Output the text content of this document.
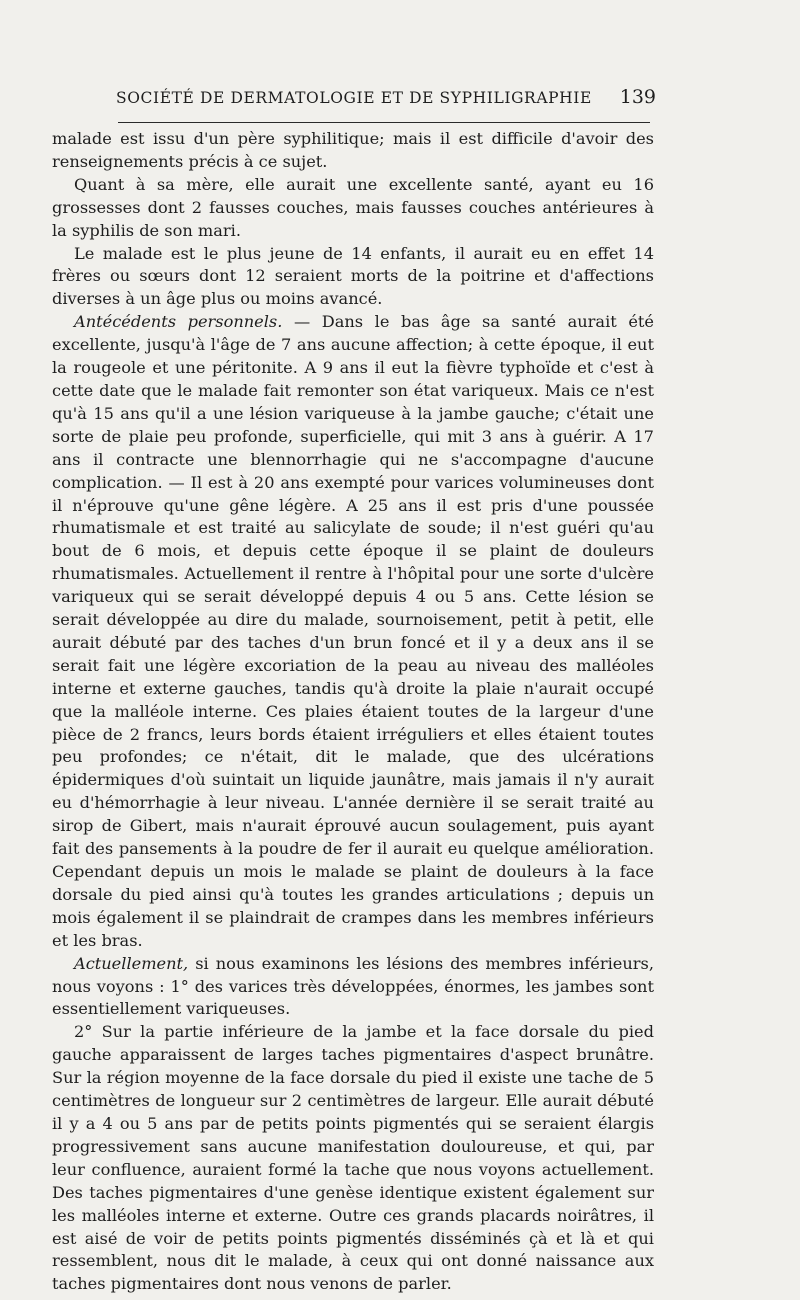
SOCIÉTÉ DE DERMATOLOGIE ET DE SYPHILIGRAPHIE 139

malade est issu d'un père syphilitique; mais il est difficile d'avoir des renseignements précis à ce sujet.

Quant à sa mère, elle aurait une excellente santé, ayant eu 16 grossesses dont 2 fausses couches, mais fausses couches antérieures à la syphilis de son mari.

Le malade est le plus jeune de 14 enfants, il aurait eu en effet 14 frères ou sœurs dont 12 seraient morts de la poitrine et d'affections diverses à un âge plus ou moins avancé.

Antécédents personnels. — Dans le bas âge sa santé aurait été excellente, jusqu'à l'âge de 7 ans aucune affection; à cette époque, il eut la rougeole et une péritonite. A 9 ans il eut la fièvre typhoïde et c'est à cette date que le malade fait remonter son état variqueux. Mais ce n'est qu'à 15 ans qu'il a une lésion variqueuse à la jambe gauche; c'était une sorte de plaie peu profonde, superficielle, qui mit 3 ans à guérir. A 17 ans il contracte une blennorrhagie qui ne s'accompagne d'aucune complication. — Il est à 20 ans exempté pour varices volumineuses dont il n'éprouve qu'une gêne légère. A 25 ans il est pris d'une poussée rhumatismale et est traité au salicylate de soude; il n'est guéri qu'au bout de 6 mois, et depuis cette époque il se plaint de douleurs rhumatismales. Actuellement il rentre à l'hôpital pour une sorte d'ulcère variqueux qui se serait développé depuis 4 ou 5 ans. Cette lésion se serait développée au dire du malade, sournoisement, petit à petit, elle aurait débuté par des taches d'un brun foncé et il y a deux ans il se serait fait une légère excoriation de la peau au niveau des malléoles interne et externe gauches, tandis qu'à droite la plaie n'aurait occupé que la malléole interne. Ces plaies étaient toutes de la largeur d'une pièce de 2 francs, leurs bords étaient irréguliers et elles étaient toutes peu profondes; ce n'était, dit le malade, que des ulcérations épidermiques d'où suintait un liquide jaunâtre, mais jamais il n'y aurait eu d'hémorrhagie à leur niveau. L'année dernière il se serait traité au sirop de Gibert, mais n'aurait éprouvé aucun soulagement, puis ayant fait des pansements à la poudre de fer il aurait eu quelque amélioration. Cependant depuis un mois le malade se plaint de douleurs à la face dorsale du pied ainsi qu'à toutes les grandes articulations ; depuis un mois également il se plaindrait de crampes dans les membres inférieurs et les bras.

Actuellement, si nous examinons les lésions des membres inférieurs, nous voyons : 1° des varices très développées, énormes, les jambes sont essentiellement variqueuses.

2° Sur la partie inférieure de la jambe et la face dorsale du pied gauche apparaissent de larges taches pigmentaires d'aspect brunâtre. Sur la région moyenne de la face dorsale du pied il existe une tache de 5 centimètres de longueur sur 2 centimètres de largeur. Elle aurait débuté il y a 4 ou 5 ans par de petits points pigmentés qui se seraient élargis progressivement sans aucune manifestation douloureuse, et qui, par leur confluence, auraient formé la tache que nous voyons actuellement. Des taches pigmentaires d'une genèse identique existent également sur les malléoles interne et externe. Outre ces grands placards noirâtres, il est aisé de voir de petits points pigmentés disséminés çà et là et qui ressemblent, nous dit le malade, à ceux qui ont donné naissance aux taches pigmentaires dont nous venons de parler.
